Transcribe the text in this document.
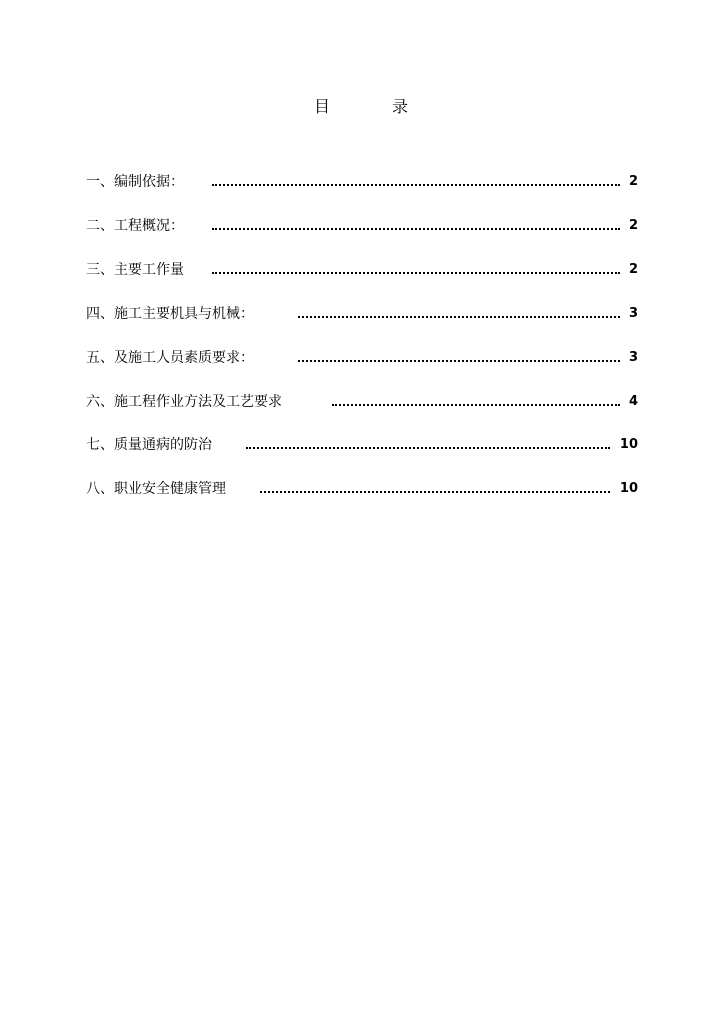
目	录
一、编制依据：	2
二、工程概况：	2
三、主要工作量	2
四、施工主要机具与机械：	3
五、及施工人员素质要求：	3
六、施工程作业方法及工艺要求	4
七、质量通病的防治	10
八、职业安全健康管理	10
